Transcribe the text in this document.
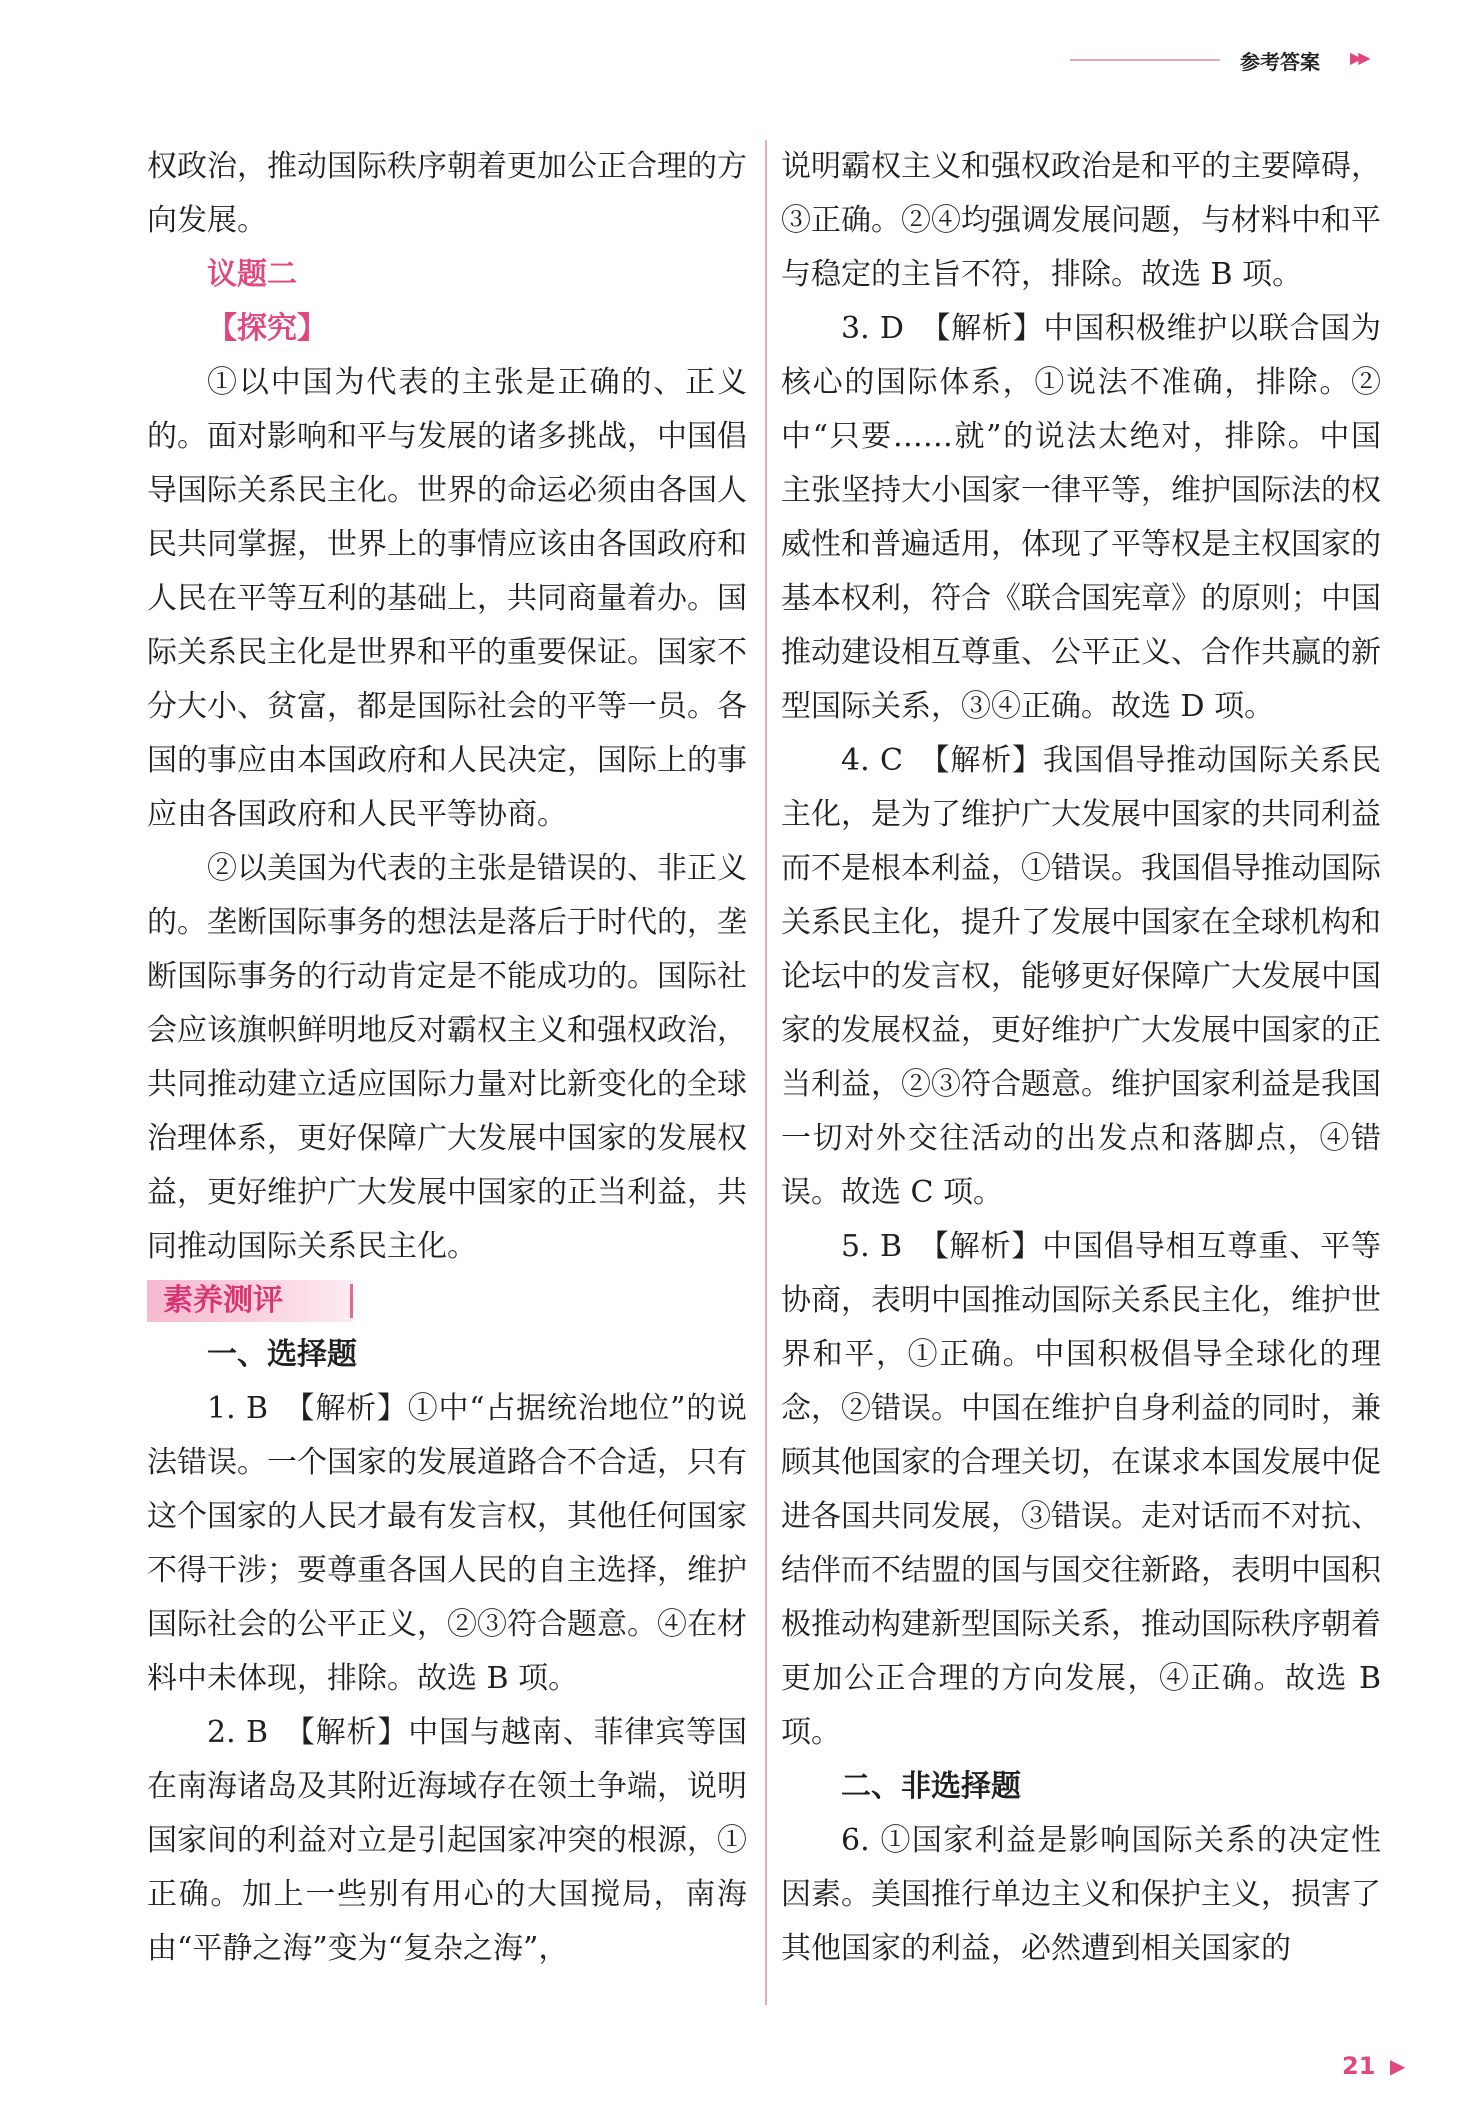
参考答案 ▶▶

权政治，推动国际秩序朝着更加公正合理的方向发展。

议题二

【探究】

①以中国为代表的主张是正确的、正义的。面对影响和平与发展的诸多挑战，中国倡导国际关系民主化。世界的命运必须由各国人民共同掌握，世界上的事情应该由各国政府和人民在平等互利的基础上，共同商量着办。国际关系民主化是世界和平的重要保证。国家不分大小、贫富，都是国际社会的平等一员。各国的事应由本国政府和人民决定，国际上的事应由各国政府和人民平等协商。

②以美国为代表的主张是错误的、非正义的。垄断国际事务的想法是落后于时代的，垄断国际事务的行动肯定是不能成功的。国际社会应该旗帜鲜明地反对霸权主义和强权政治，共同推动建立适应国际力量对比新变化的全球治理体系，更好保障广大发展中国家的发展权益，更好维护广大发展中国家的正当利益，共同推动国际关系民主化。

素养测评

一、选择题

1. B　【解析】①中“占据统治地位”的说法错误。一个国家的发展道路合不合适，只有这个国家的人民才最有发言权，其他任何国家不得干涉；要尊重各国人民的自主选择，维护国际社会的公平正义，②③符合题意。④在材料中未体现，排除。故选 B 项。

2. B　【解析】中国与越南、菲律宾等国在南海诸岛及其附近海域存在领土争端，说明国家间的利益对立是引起国家冲突的根源，①正确。加上一些别有用心的大国搅局，南海由“平静之海”变为“复杂之海”，

说明霸权主义和强权政治是和平的主要障碍，③正确。②④均强调发展问题，与材料中和平与稳定的主旨不符，排除。故选 B 项。

3. D　【解析】中国积极维护以联合国为核心的国际体系，①说法不准确，排除。②中“只要……就”的说法太绝对，排除。中国主张坚持大小国家一律平等，维护国际法的权威性和普遍适用，体现了平等权是主权国家的基本权利，符合《联合国宪章》的原则；中国推动建设相互尊重、公平正义、合作共赢的新型国际关系，③④正确。故选 D 项。

4. C　【解析】我国倡导推动国际关系民主化，是为了维护广大发展中国家的共同利益而不是根本利益，①错误。我国倡导推动国际关系民主化，提升了发展中国家在全球机构和论坛中的发言权，能够更好保障广大发展中国家的发展权益，更好维护广大发展中国家的正当利益，②③符合题意。维护国家利益是我国一切对外交往活动的出发点和落脚点，④错误。故选 C 项。

5. B　【解析】中国倡导相互尊重、平等协商，表明中国推动国际关系民主化，维护世界和平，①正确。中国积极倡导全球化的理念，②错误。中国在维护自身利益的同时，兼顾其他国家的合理关切，在谋求本国发展中促进各国共同发展，③错误。走对话而不对抗、结伴而不结盟的国与国交往新路，表明中国积极推动构建新型国际关系，推动国际秩序朝着更加公正合理的方向发展，④正确。故选 B 项。

二、非选择题

6. ①国家利益是影响国际关系的决定性因素。美国推行单边主义和保护主义，损害了其他国家的利益，必然遭到相关国家的

21 ▶
